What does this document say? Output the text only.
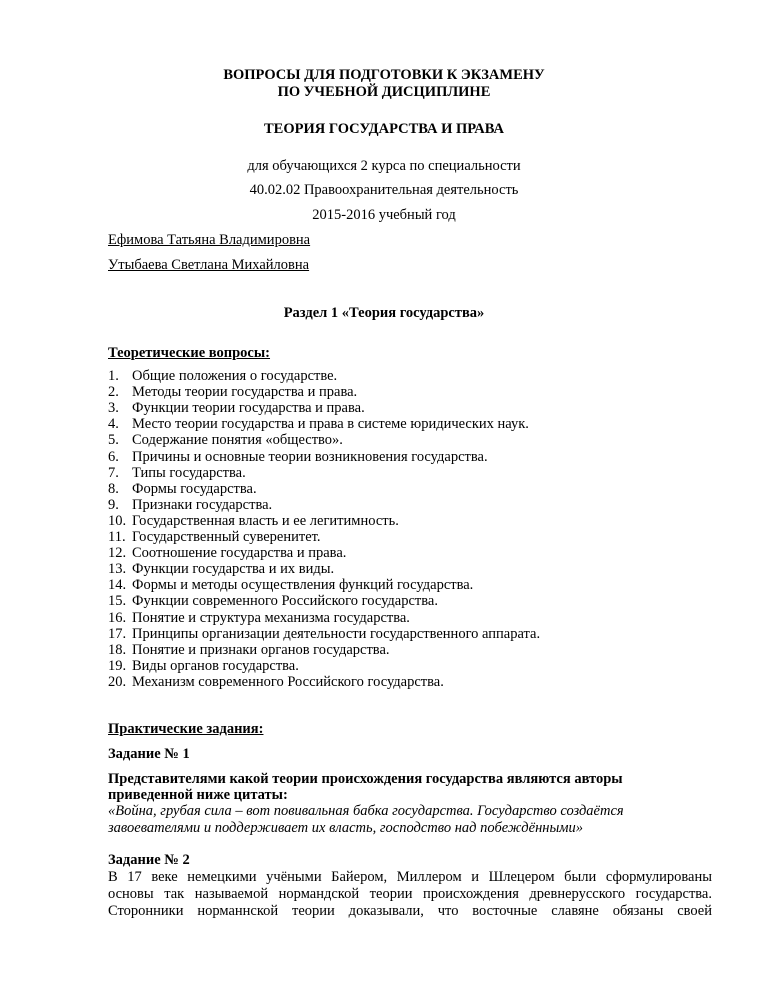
ВОПРОСЫ ДЛЯ ПОДГОТОВКИ К ЭКЗАМЕНУ
ПО УЧЕБНОЙ ДИСЦИПЛИНЕ
ТЕОРИЯ ГОСУДАРСТВА И ПРАВА
для обучающихся 2 курса по специальности
40.02.02 Правоохранительная деятельность
2015-2016 учебный год
Ефимова Татьяна Владимировна
Утыбаева Светлана Михайловна
Раздел 1 «Теория государства»
Теоретические вопросы:
1. Общие положения о государстве.
2. Методы теории государства и права.
3. Функции теории государства и права.
4. Место теории государства и права в системе юридических наук.
5. Содержание понятия «общество».
6. Причины и основные теории возникновения государства.
7. Типы государства.
8. Формы государства.
9. Признаки государства.
10. Государственная власть и ее легитимность.
11. Государственный суверенитет.
12. Соотношение государства и права.
13. Функции государства и их виды.
14. Формы и методы осуществления функций государства.
15. Функции современного Российского государства.
16. Понятие и структура механизма государства.
17. Принципы организации деятельности государственного аппарата.
18. Понятие и признаки органов государства.
19. Виды органов государства.
20. Механизм современного Российского государства.
Практические задания:
Задание № 1
Представителями какой теории происхождения государства являются авторы
приведенной ниже цитаты:
«Война, грубая сила – вот повивальная бабка государства. Государство создаётся
завоевателями и поддерживает их власть, господство над побеждёнными»
Задание № 2
В 17 веке немецкими учёными Байером, Миллером и Шлецером были сформулированы
основы так называемой нормандской теории происхождения древнерусского государства.
Сторонники норманнской теории доказывали, что восточные славяне обязаны своей
